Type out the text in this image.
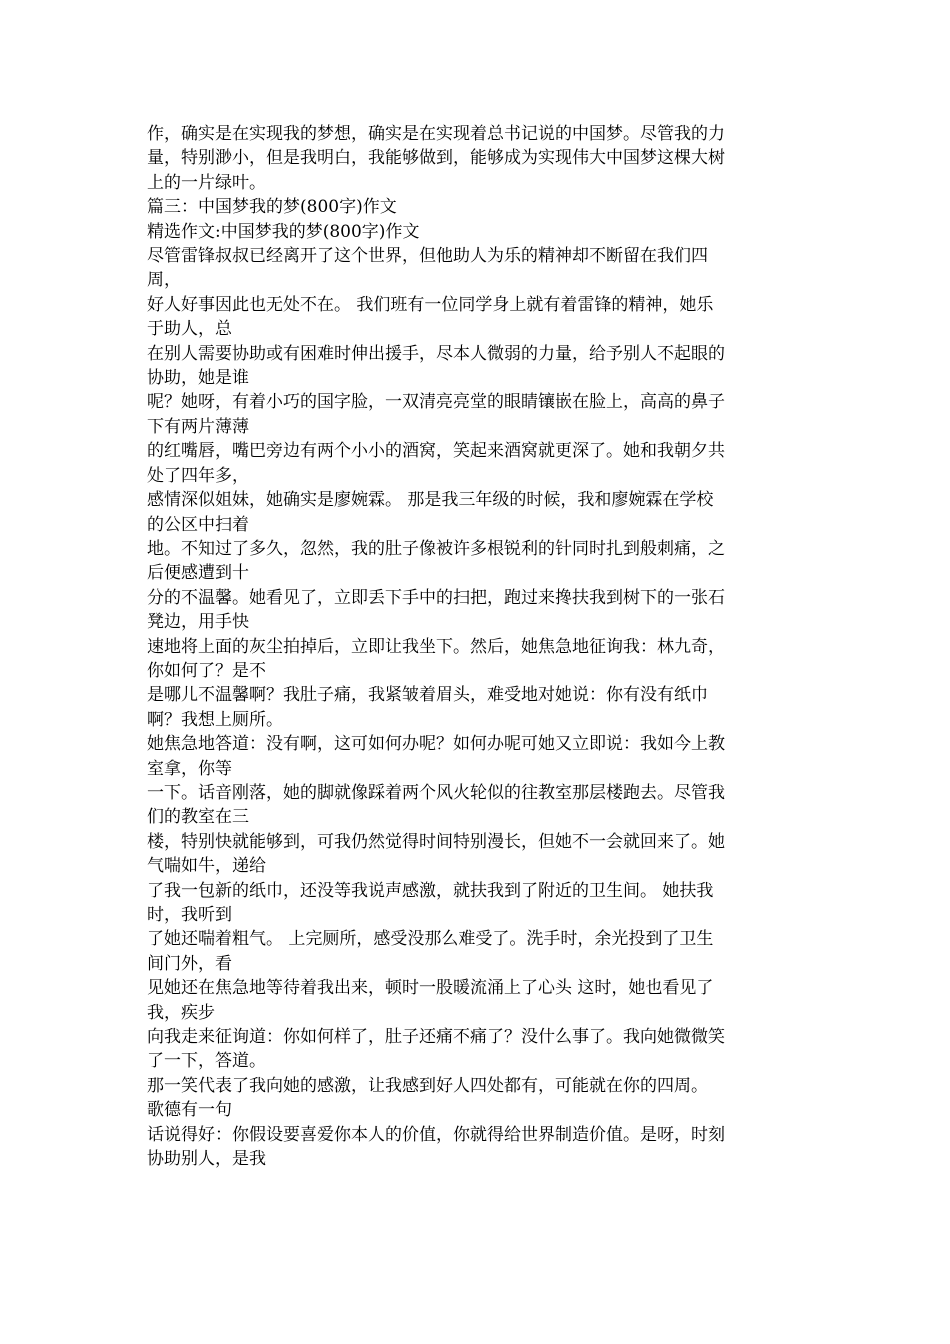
作，确实是在实现我的梦想，确实是在实现着总书记说的中国梦。尽管我的力
量，特别渺小，但是我明白，我能够做到，能够成为实现伟大中国梦这棵大树
上的一片绿叶。
篇三：中国梦我的梦(800字)作文
精选作文:中国梦我的梦(800字)作文
尽管雷锋叔叔已经离开了这个世界，但他助人为乐的精神却不断留在我们四
周，
好人好事因此也无处不在。 我们班有一位同学身上就有着雷锋的精神，她乐
于助人，总
在别人需要协助或有困难时伸出援手，尽本人微弱的力量，给予别人不起眼的
协助，她是谁
呢？她呀，有着小巧的国字脸，一双清亮亮堂的眼睛镶嵌在脸上，高高的鼻子
下有两片薄薄
的红嘴唇，嘴巴旁边有两个小小的酒窝，笑起来酒窝就更深了。她和我朝夕共
处了四年多，
感情深似姐妹，她确实是廖婉霖。 那是我三年级的时候，我和廖婉霖在学校
的公区中扫着
地。不知过了多久，忽然，我的肚子像被许多根锐利的针同时扎到般刺痛，之
后便感遭到十
分的不温馨。她看见了，立即丢下手中的扫把，跑过来搀扶我到树下的一张石
凳边，用手快
速地将上面的灰尘拍掉后，立即让我坐下。然后，她焦急地征询我：林九奇，
你如何了？是不
是哪儿不温馨啊？我肚子痛，我紧皱着眉头，难受地对她说：你有没有纸巾
啊？我想上厕所。
她焦急地答道：没有啊，这可如何办呢？如何办呢可她又立即说：我如今上教
室拿，你等
一下。话音刚落，她的脚就像踩着两个风火轮似的往教室那层楼跑去。尽管我
们的教室在三
楼，特别快就能够到，可我仍然觉得时间特别漫长，但她不一会就回来了。她
气喘如牛，递给
了我一包新的纸巾，还没等我说声感激，就扶我到了附近的卫生间。 她扶我
时，我听到
了她还喘着粗气。 上完厕所，感受没那么难受了。洗手时，余光投到了卫生
间门外，看
见她还在焦急地等待着我出来，顿时一股暖流涌上了心头 这时，她也看见了
我，疾步
向我走来征询道：你如何样了，肚子还痛不痛了？没什么事了。我向她微微笑
了一下，答道。
那一笑代表了我向她的感激，让我感到好人四处都有，可能就在你的四周。
歌德有一句
话说得好：你假设要喜爱你本人的价值，你就得给世界制造价值。是呀，时刻
协助别人，是我
